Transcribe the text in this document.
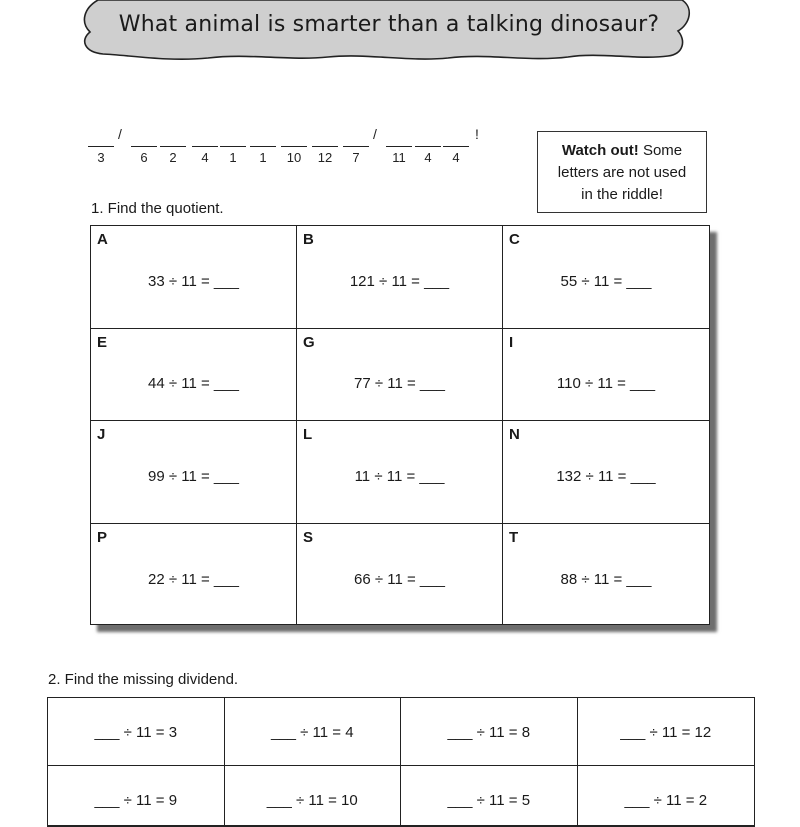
What animal is smarter than a talking dinosaur?
3
/
6	2	4	1	1	10	12	7
/
11	4	4
!
Watch out! Some
letters are not used
in the riddle!
1. Find the quotient.
A
33 ÷ 11 = ___
B
121 ÷ 11 = ___
C
55 ÷ 11 = ___
E
44 ÷ 11 = ___
G
77 ÷ 11 = ___
I
110 ÷ 11 = ___
J
99 ÷ 11 = ___
L
11 ÷ 11 = ___
N
132 ÷ 11 = ___
P
22 ÷ 11 = ___
S
66 ÷ 11 = ___
T
88 ÷ 11 = ___
2. Find the missing dividend.
___ ÷ 11 = 3	___ ÷ 11 = 4	___ ÷ 11 = 8	___ ÷ 11 = 12
___ ÷ 11 = 9	___ ÷ 11 = 10	___ ÷ 11 = 5	___ ÷ 11 = 2
